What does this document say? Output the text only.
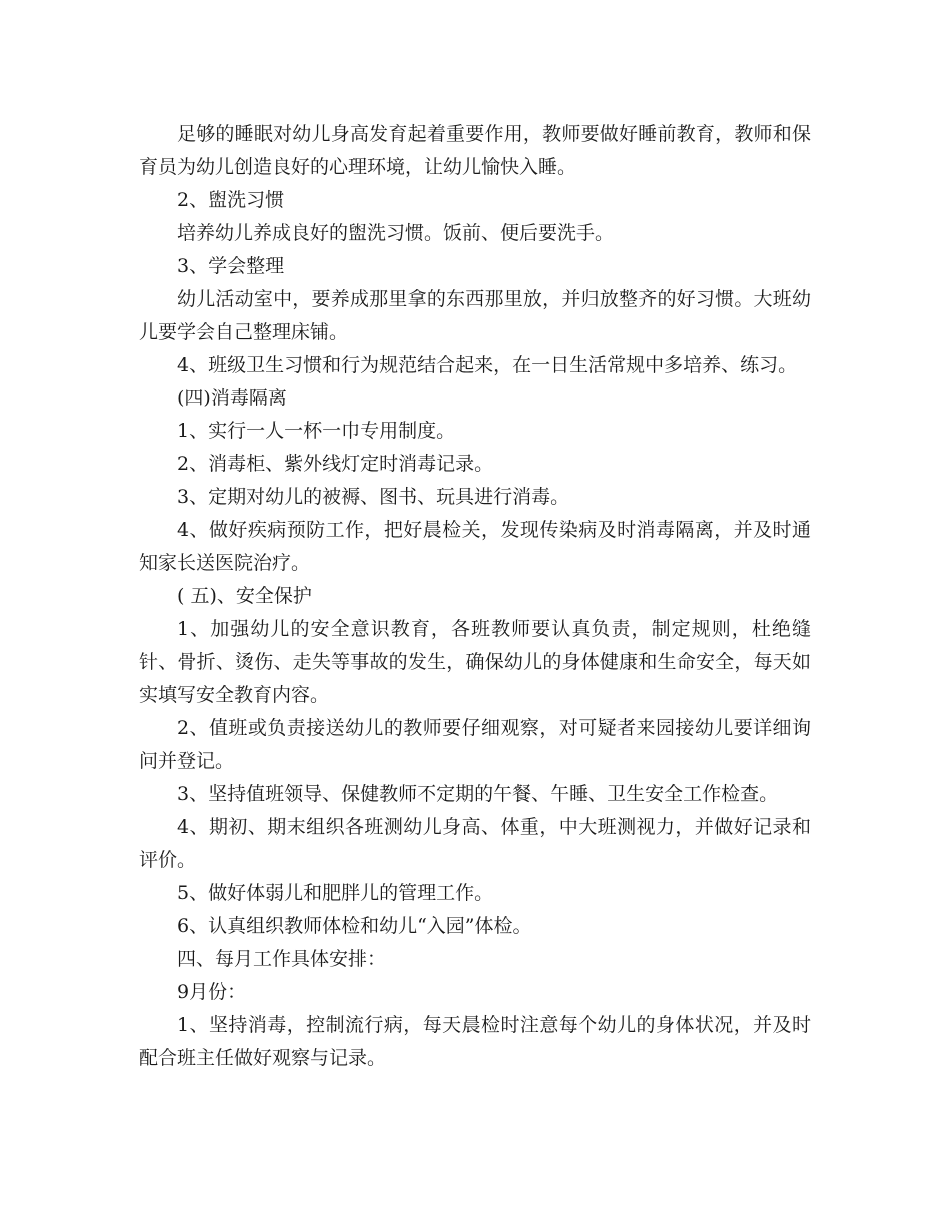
足够的睡眠对幼儿身高发育起着重要作用，教师要做好睡前教育，教师和保育员为幼儿创造良好的心理环境，让幼儿愉快入睡。

2、盥洗习惯

培养幼儿养成良好的盥洗习惯。饭前、便后要洗手。

3、学会整理

幼儿活动室中，要养成那里拿的东西那里放，并归放整齐的好习惯。大班幼儿要学会自己整理床铺。

4、班级卫生习惯和行为规范结合起来，在一日生活常规中多培养、练习。

(四)消毒隔离

1、实行一人一杯一巾专用制度。

2、消毒柜、紫外线灯定时消毒记录。

3、定期对幼儿的被褥、图书、玩具进行消毒。

4、做好疾病预防工作，把好晨检关，发现传染病及时消毒隔离，并及时通知家长送医院治疗。

( 五)、安全保护

1、加强幼儿的安全意识教育，各班教师要认真负责，制定规则，杜绝缝针、骨折、烫伤、走失等事故的发生，确保幼儿的身体健康和生命安全，每天如实填写安全教育内容。

2、值班或负责接送幼儿的教师要仔细观察，对可疑者来园接幼儿要详细询问并登记。

3、坚持值班领导、保健教师不定期的午餐、午睡、卫生安全工作检查。

4、期初、期末组织各班测幼儿身高、体重，中大班测视力，并做好记录和评价。

5、做好体弱儿和肥胖儿的管理工作。

6、认真组织教师体检和幼儿“入园”体检。

四、每月工作具体安排：

9月份：

1、坚持消毒，控制流行病，每天晨检时注意每个幼儿的身体状况，并及时配合班主任做好观察与记录。
